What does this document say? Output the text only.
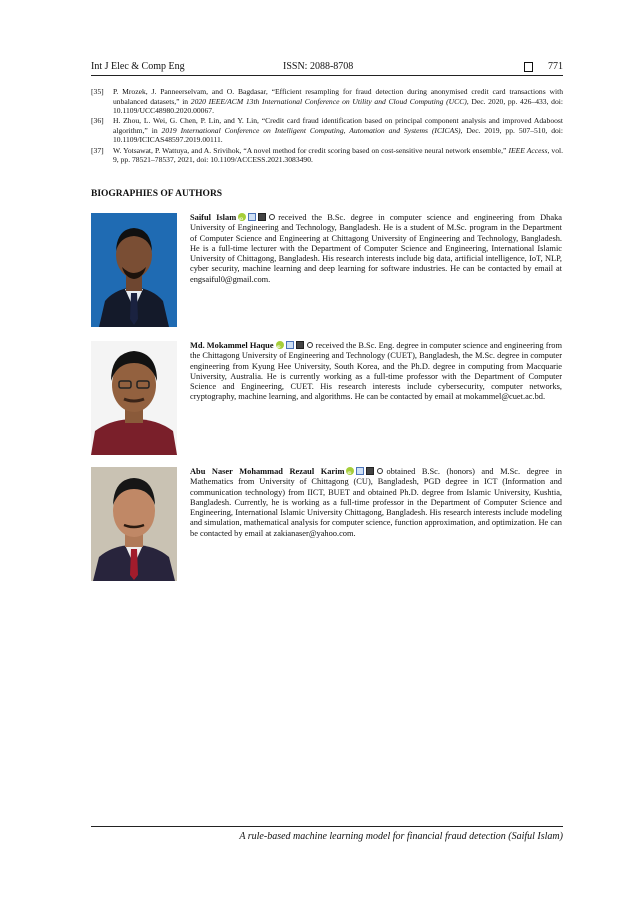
Int J Elec & Comp Eng	ISSN: 2088-8708	771
[35] P. Mrozek, J. Panneerselvam, and O. Bagdasar, “Efficient resampling for fraud detection during anonymised credit card transactions with unbalanced datasets,” in 2020 IEEE/ACM 13th International Conference on Utility and Cloud Computing (UCC), Dec. 2020, pp. 426–433, doi: 10.1109/UCC48980.2020.00067.
[36] H. Zhou, L. Wei, G. Chen, P. Lin, and Y. Lin, “Credit card fraud identification based on principal component analysis and improved Adaboost algorithm,” in 2019 International Conference on Intelligent Computing, Automation and Systems (ICICAS), Dec. 2019, pp. 507–510, doi: 10.1109/ICICAS48597.2019.00111.
[37] W. Yotsawat, P. Wattuya, and A. Srivihok, “A novel method for credit scoring based on cost-sensitive neural network ensemble,” IEEE Access, vol. 9, pp. 78521–78537, 2021, doi: 10.1109/ACCESS.2021.3083490.
BIOGRAPHIES OF AUTHORS
Saiful Islam iD	received the B.Sc. degree in computer science and engineering from Dhaka University of Engineering and Technology, Bangladesh. He is a student of M.Sc. program in the Department of Computer Science and Engineering at Chittagong University of Engineering and Technology, Bangladesh. He is a full-time lecturer with the Department of Computer Science and Engineering, International Islamic University of Chittagong, Bangladesh. His research interests include big data, artificial intelligence, IoT, NLP, cyber security, machine learning and deep learning for software industries. He can be contacted by email at engsaiful0@gmail.com.
Md. Mokammel Haque iD	received the B.Sc. Eng. degree in computer science and engineering from the Chittagong University of Engineering and Technology (CUET), Bangladesh, the M.Sc. degree in computer engineering from Kyung Hee University, South Korea, and the Ph.D. degree in computing from Macquarie University, Australia. He is currently working as a full-time professor with the Department of Computer Science and Engineering, CUET. His research interests include cybersecurity, computer networks, cryptography, machine learning, and algorithms. He can be contacted by email at mokammel@cuet.ac.bd.
Abu Naser Mohammad Rezaul Karim iD	obtained B.Sc. (honors) and M.Sc. degree in Mathematics from University of Chittagong (CU), Bangladesh, PGD degree in ICT (Information and communication technology) from IICT, BUET and obtained Ph.D. degree from Islamic University, Kushtia, Bangladesh. Currently, he is working as a full-time professor in the Department of Computer Science and Engineering, International Islamic University Chittagong, Bangladesh. His research interests include modeling and simulation, mathematical analysis for computer science, function approximation, and optimization. He can be contacted by email at zakianaser@yahoo.com.
A rule-based machine learning model for financial fraud detection (Saiful Islam)
